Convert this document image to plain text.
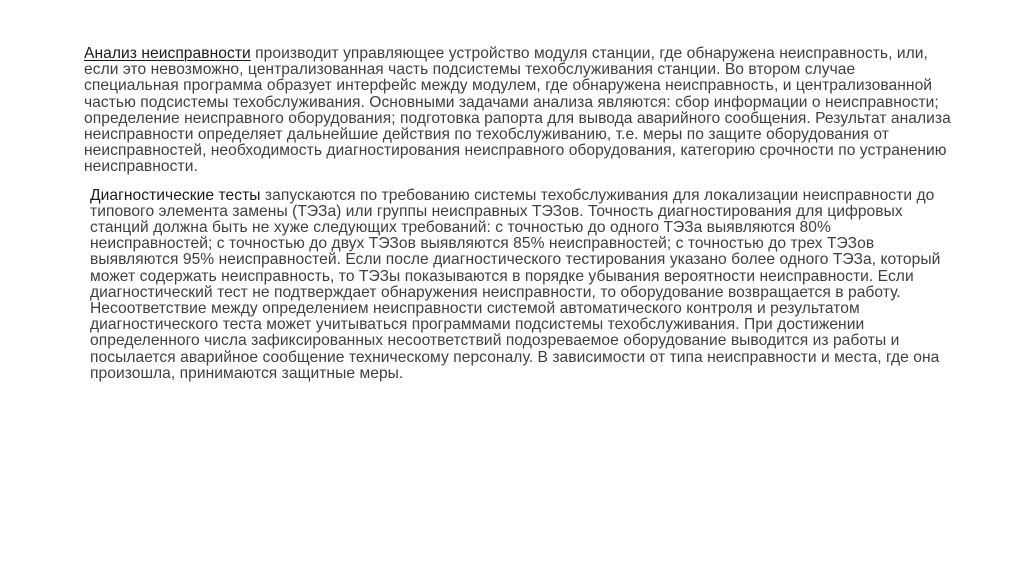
Анализ неисправности производит управляющее устройство модуля станции, где обнаружена неисправность, или, если это невозможно, централизованная часть подсистемы техобслуживания станции. Во втором случае специальная программа образует интерфейс между модулем, где обнаружена неисправность, и централизованной частью подсистемы техобслуживания. Основными задачами анализа являются: сбор информации о неисправности; определение неисправного оборудования; подготовка рапорта для вывода аварийного сообщения. Результат анализа неисправности определяет дальнейшие действия по техобслуживанию, т.е. меры по защите оборудования от неисправностей, необходимость диагностирования неисправного оборудования, категорию срочности по устранению неисправности.

Диагностические тесты запускаются по требованию системы техобслуживания для локализации неисправности до типового элемента замены (ТЭЗа) или группы неисправных ТЭЗов. Точность диагностирования для цифровых станций должна быть не хуже следующих требований: с точностью до одного ТЭЗа выявляются 80% неисправностей; с точностью до двух ТЭЗов выявляются 85% неисправностей; с точностью до трех ТЭЗов выявляются 95% неисправностей. Если после диагностического тестирования указано более одного ТЭЗа, который может содержать неисправность, то ТЭЗы показываются в порядке убывания вероятности неисправности. Если диагностический тест не подтверждает обнаружения неисправности, то оборудование возвращается в работу. Несоответствие между определением неисправности системой автоматического контроля и результатом диагностического теста может учитываться программами подсистемы техобслуживания. При достижении определенного числа зафиксированных несоответствий подозреваемое оборудование выводится из работы и посылается аварийное сообщение техническому персоналу. В зависимости от типа неисправности и места, где она произошла, принимаются защитные меры.
